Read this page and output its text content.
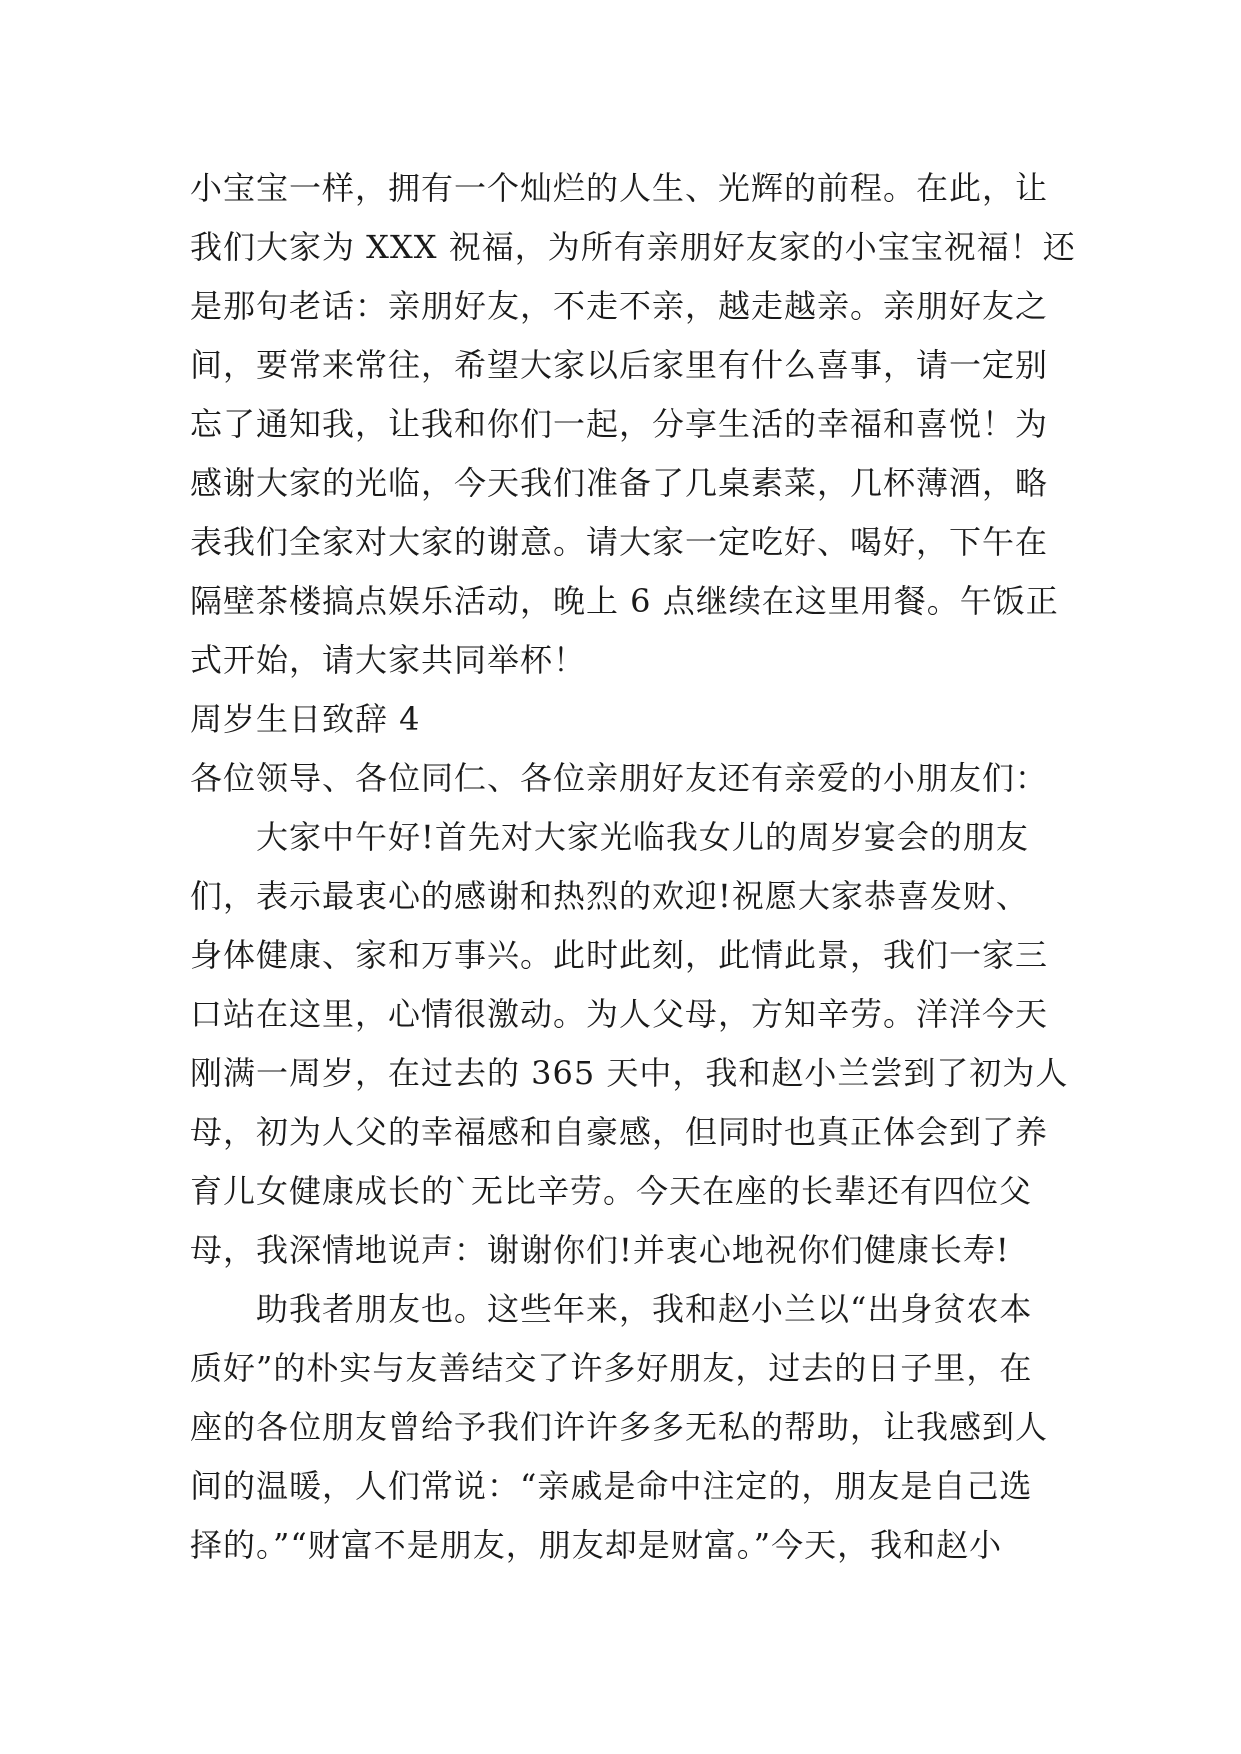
小宝宝一样，拥有一个灿烂的人生、光辉的前程。在此，让
我们大家为 XXX 祝福，为所有亲朋好友家的小宝宝祝福！还
是那句老话：亲朋好友，不走不亲，越走越亲。亲朋好友之
间，要常来常往，希望大家以后家里有什么喜事，请一定别
忘了通知我，让我和你们一起，分享生活的幸福和喜悦！为
感谢大家的光临，今天我们准备了几桌素菜，几杯薄酒，略
表我们全家对大家的谢意。请大家一定吃好、喝好，下午在
隔壁茶楼搞点娱乐活动，晚上 6 点继续在这里用餐。午饭正
式开始，请大家共同举杯！
周岁生日致辞 4
各位领导、各位同仁、各位亲朋好友还有亲爱的小朋友们：
大家中午好!首先对大家光临我女儿的周岁宴会的朋友
们，表示最衷心的感谢和热烈的欢迎!祝愿大家恭喜发财、
身体健康、家和万事兴。此时此刻，此情此景，我们一家三
口站在这里，心情很激动。为人父母，方知辛劳。洋洋今天
刚满一周岁，在过去的 365 天中，我和赵小兰尝到了初为人
母，初为人父的幸福感和自豪感，但同时也真正体会到了养
育儿女健康成长的`无比辛劳。今天在座的长辈还有四位父
母，我深情地说声：谢谢你们!并衷心地祝你们健康长寿!
助我者朋友也。这些年来，我和赵小兰以“出身贫农本
质好”的朴实与友善结交了许多好朋友，过去的日子里，在
座的各位朋友曾给予我们许许多多无私的帮助，让我感到人
间的温暖，人们常说：“亲戚是命中注定的，朋友是自己选
择的。”“财富不是朋友，朋友却是财富。”今天，我和赵小
